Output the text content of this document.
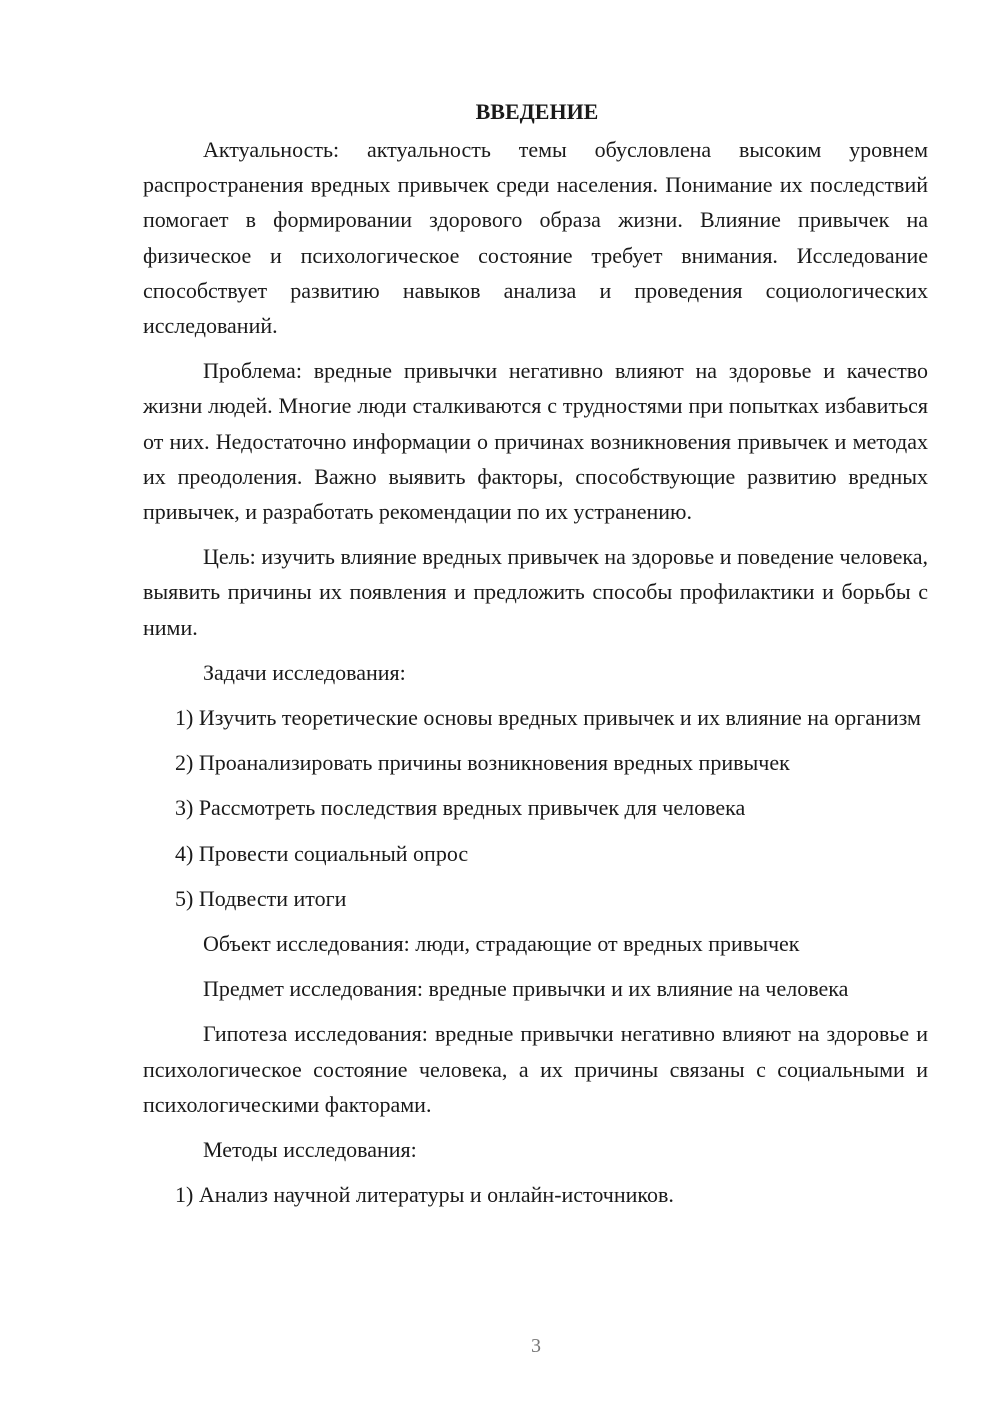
ВВЕДЕНИЕ

Актуальность: актуальность темы обусловлена высоким уровнем распространения вредных привычек среди населения. Понимание их последствий помогает в формировании здорового образа жизни. Влияние привычек на физическое и психологическое состояние требует внимания. Исследование способствует развитию навыков анализа и проведения социологических исследований.

Проблема: вредные привычки негативно влияют на здоровье и качество жизни людей. Многие люди сталкиваются с трудностями при попытках избавиться от них. Недостаточно информации о причинах возникновения привычек и методах их преодоления. Важно выявить факторы, способствующие развитию вредных привычек, и разработать рекомендации по их устранению.

Цель: изучить влияние вредных привычек на здоровье и поведение человека, выявить причины их появления и предложить способы профилактики и борьбы с ними.

Задачи исследования:

1) Изучить теоретические основы вредных привычек и их влияние на организм

2) Проанализировать причины возникновения вредных привычек

3) Рассмотреть последствия вредных привычек для человека

4) Провести социальный опрос

5) Подвести итоги

Объект исследования: люди, страдающие от вредных привычек

Предмет исследования: вредные привычки и их влияние на человека

Гипотеза исследования: вредные привычки негативно влияют на здоровье и психологическое состояние человека, а их причины связаны с социальными и психологическими факторами.

Методы исследования:

1) Анализ научной литературы и онлайн-источников.

3
